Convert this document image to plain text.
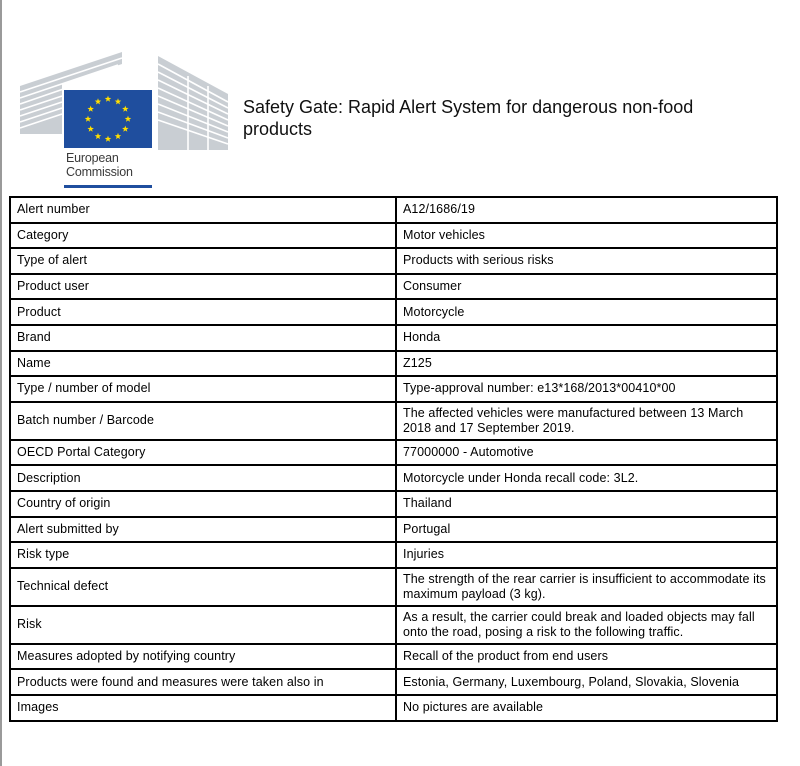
European
Commission
Safety Gate: Rapid Alert System for dangerous non-food products
Alert number	A12/1686/19
Category	Motor vehicles
Type of alert	Products with serious risks
Product user	Consumer
Product	Motorcycle
Brand	Honda
Name	Z125
Type / number of model	Type-approval number: e13*168/2013*00410*00
Batch number / Barcode	The affected vehicles were manufactured between 13 March 2018 and 17 September 2019.
OECD Portal Category	77000000 - Automotive
Description	Motorcycle under Honda recall code: 3L2.
Country of origin	Thailand
Alert submitted by	Portugal
Risk type	Injuries
Technical defect	The strength of the rear carrier is insufficient to accommodate its maximum payload (3 kg).
Risk	As a result, the carrier could break and loaded objects may fall onto the road, posing a risk to the following traffic.
Measures adopted by notifying country	Recall of the product from end users
Products were found and measures were taken also in	Estonia, Germany, Luxembourg, Poland, Slovakia, Slovenia
Images	No pictures are available
